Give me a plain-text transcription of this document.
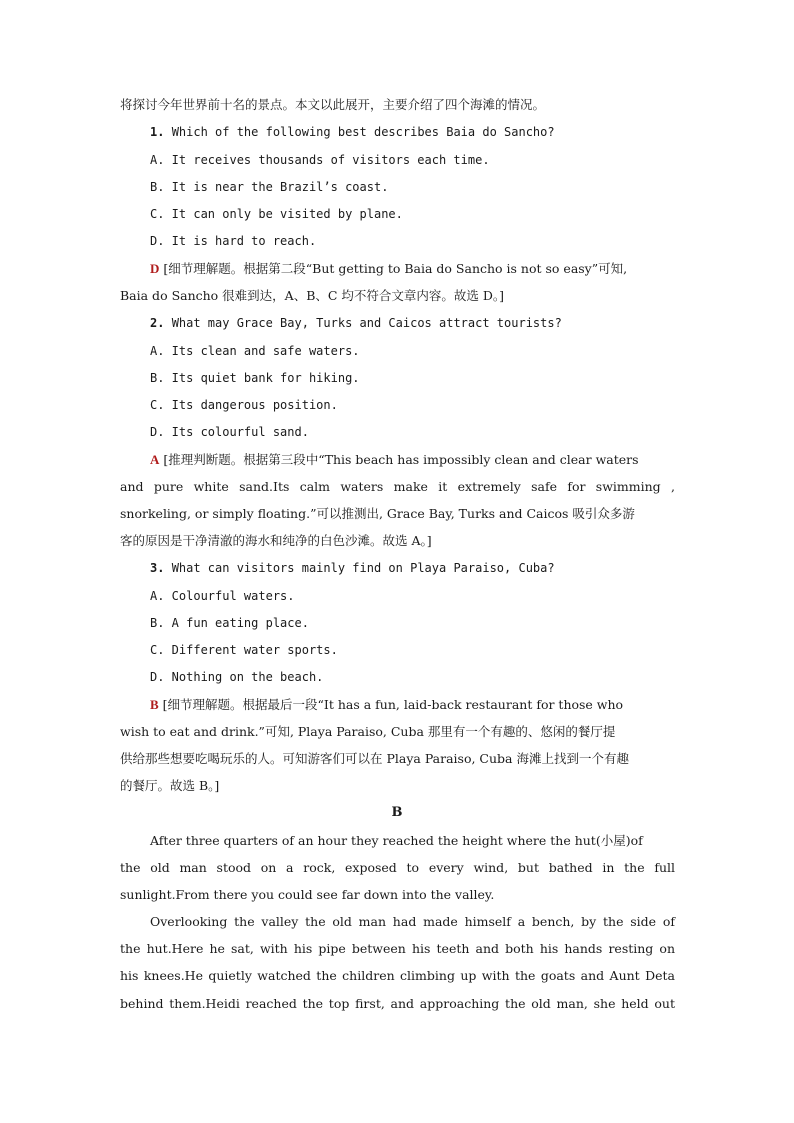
将探讨今年世界前十名的景点。本文以此展开，主要介绍了四个海滩的情况。
1. Which of the following best describes Baia do Sancho?
A. It receives thousands of visitors each time.
B. It is near the Brazil’s coast.
C. It can only be visited by plane.
D. It is hard to reach.
D [细节理解题。根据第二段“But getting to Baia do Sancho is not so easy”可知,
Baia do Sancho 很难到达，A、B、C 均不符合文章内容。故选 D。]
2. What may Grace Bay, Turks and Caicos attract tourists?
A. Its clean and safe waters.
B. Its quiet bank for hiking.
C. Its dangerous position.
D. Its colourful sand.
A [推理判断题。根据第三段中“This beach has impossibly clean and clear waters
and pure white sand.Its calm waters make it extremely safe for swimming ,
snorkeling, or simply floating.”可以推测出, Grace Bay, Turks and Caicos 吸引众多游
客的原因是干净清澈的海水和纯净的白色沙滩。故选 A。]
3. What can visitors mainly find on Playa Paraiso, Cuba?
A. Colourful waters.
B. A fun eating place.
C. Different water sports.
D. Nothing on the beach.
B [细节理解题。根据最后一段“It has a fun, laid-back restaurant for those who
wish to eat and drink.”可知, Playa Paraiso, Cuba 那里有一个有趣的、悠闲的餐厅提
供给那些想要吃喝玩乐的人。可知游客们可以在 Playa Paraiso, Cuba 海滩上找到一个有趣
的餐厅。故选 B。]
B
After three quarters of an hour they reached the height where the hut(小屋)of
the old man stood on a rock, exposed to every wind, but bathed in the full
sunlight.From there you could see far down into the valley.
Overlooking the valley the old man had made himself a bench, by the side of
the hut.Here he sat, with his pipe between his teeth and both his hands resting on
his knees.He quietly watched the children climbing up with the goats and Aunt Deta
behind them.Heidi reached the top first, and approaching the old man, she held out
